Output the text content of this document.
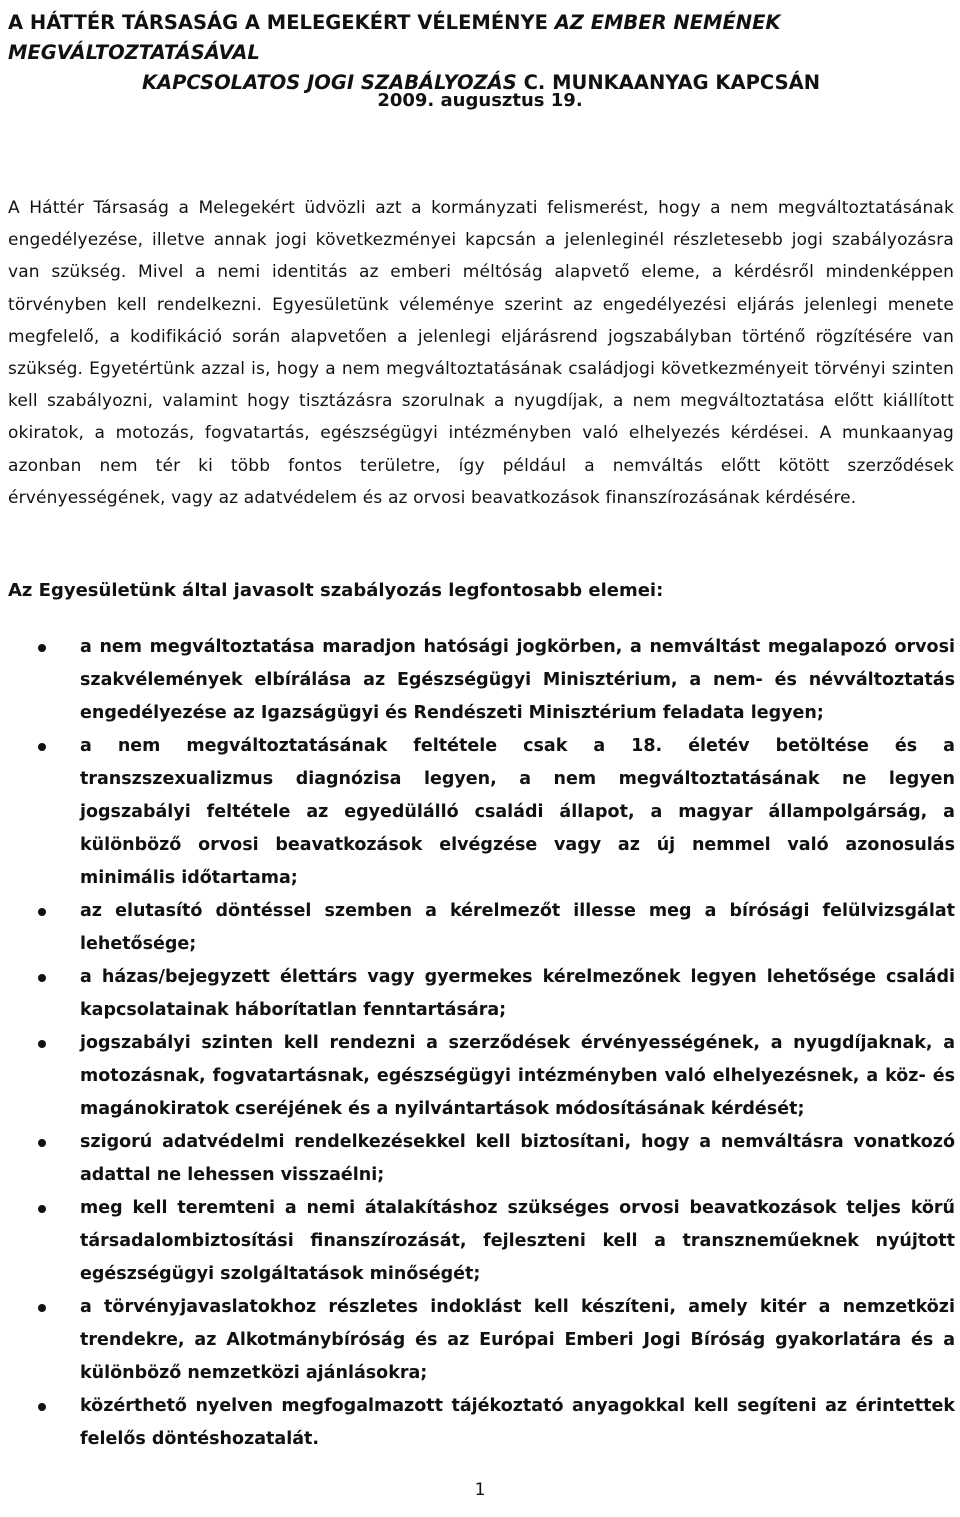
A HÁTTÉR TÁRSASÁG A MELEGEKÉRT VÉLEMÉNYE AZ EMBER NEMÉNEK MEGVÁLTOZTATÁSÁVAL
KAPCSOLATOS JOGI SZABÁLYOZÁS C. MUNKAANYAG KAPCSÁN

2009. augusztus 19.

A Háttér Társaság a Melegekért üdvözli azt a kormányzati felismerést, hogy a nem megváltoztatásának engedélyezése, illetve annak jogi következményei kapcsán a jelenleginél részletesebb jogi szabályozásra van szükség. Mivel a nemi identitás az emberi méltóság alapvető eleme, a kérdésről mindenképpen törvényben kell rendelkezni. Egyesületünk véleménye szerint az engedélyezési eljárás jelenlegi menete megfelelő, a kodifikáció során alapvetően a jelenlegi eljárásrend jogszabályban történő rögzítésére van szükség. Egyetértünk azzal is, hogy a nem megváltoztatásának családjogi következményeit törvényi szinten kell szabályozni, valamint hogy tisztázásra szorulnak a nyugdíjak, a nem megváltoztatása előtt kiállított okiratok, a motozás, fogvatartás, egészségügyi intézményben való elhelyezés kérdései. A munkaanyag azonban nem tér ki több fontos területre, így például a nemváltás előtt kötött szerződések érvényességének, vagy az adatvédelem és az orvosi beavatkozások finanszírozásának kérdésére.

Az Egyesületünk által javasolt szabályozás legfontosabb elemei:

a nem megváltoztatása maradjon hatósági jogkörben, a nemváltást megalapozó orvosi szakvélemények elbírálása az Egészségügyi Minisztérium, a nem- és névváltoztatás engedélyezése az Igazságügyi és Rendészeti Minisztérium feladata legyen;
a nem megváltoztatásának feltétele csak a 18. életév betöltése és a transzszexualizmus diagnózisa legyen, a nem megváltoztatásának ne legyen jogszabályi feltétele az egyedülálló családi állapot, a magyar állampolgárság, a különböző orvosi beavatkozások elvégzése vagy az új nemmel való azonosulás minimális időtartama;
az elutasító döntéssel szemben a kérelmezőt illesse meg a bírósági felülvizsgálat lehetősége;
a házas/bejegyzett élettárs vagy gyermekes kérelmezőnek legyen lehetősége családi kapcsolatainak háborítatlan fenntartására;
jogszabályi szinten kell rendezni a szerződések érvényességének, a nyugdíjaknak, a motozásnak, fogvatartásnak, egészségügyi intézményben való elhelyezésnek, a köz- és magánokiratok cseréjének és a nyilvántartások módosításának kérdését;
szigorú adatvédelmi rendelkezésekkel kell biztosítani, hogy a nemváltásra vonatkozó adattal ne lehessen visszaélni;
meg kell teremteni a nemi átalakításhoz szükséges orvosi beavatkozások teljes körű társadalombiztosítási finanszírozását, fejleszteni kell a transzneműeknek nyújtott egészségügyi szolgáltatások minőségét;
a törvényjavaslatokhoz részletes indoklást kell készíteni, amely kitér a nemzetközi trendekre, az Alkotmánybíróság és az Európai Emberi Jogi Bíróság gyakorlatára és a különböző nemzetközi ajánlásokra;
közérthető nyelven megfogalmazott tájékoztató anyagokkal kell segíteni az érintettek felelős döntéshozatalát.

1
